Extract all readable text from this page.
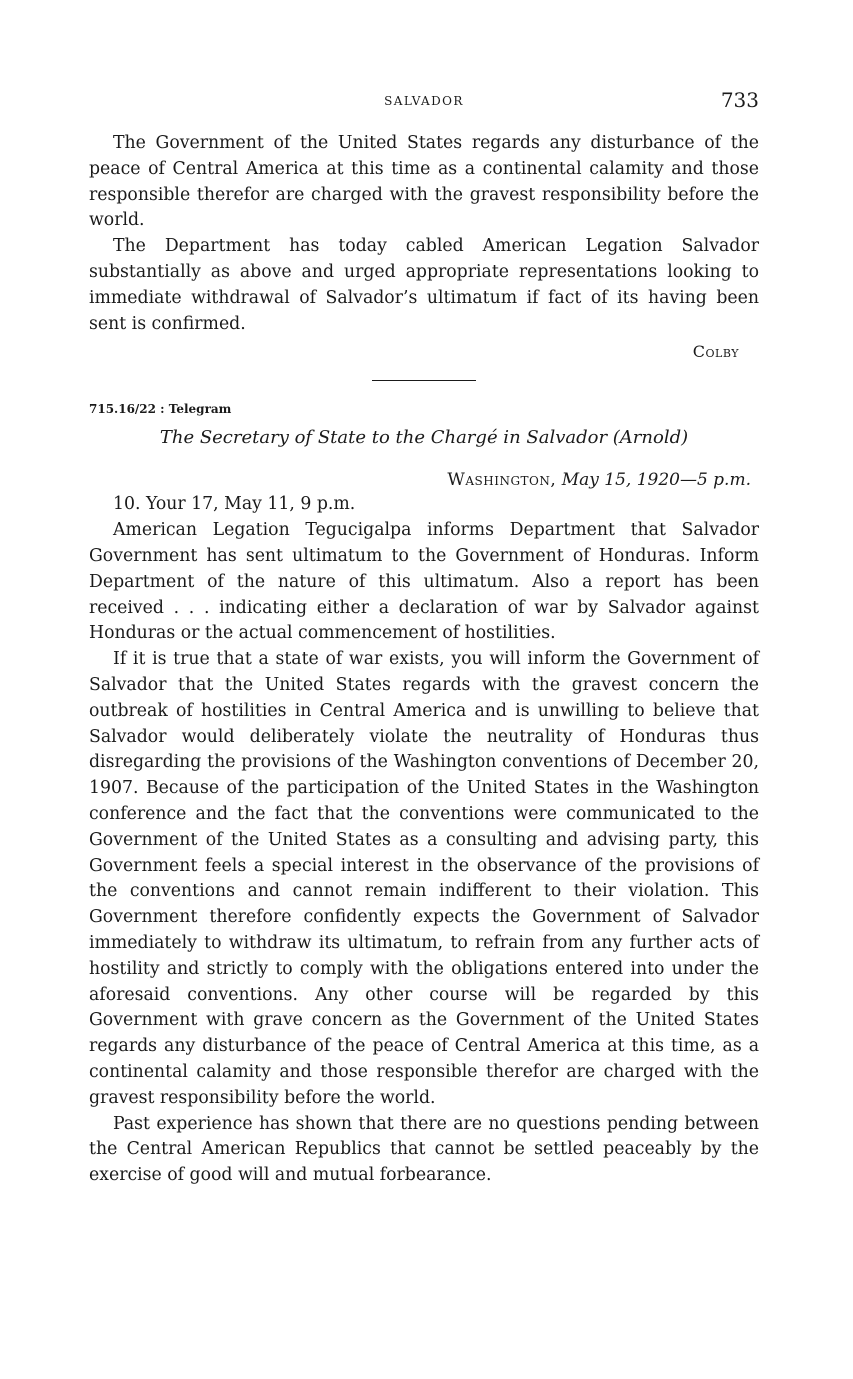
SALVADOR	733

The Government of the United States regards any disturbance of the peace of Central America at this time as a continental calamity and those responsible therefor are charged with the gravest responsibility before the world.

The Department has today cabled American Legation Salvador substantially as above and urged appropriate representations looking to immediate withdrawal of Salvador’s ultimatum if fact of its having been sent is confirmed.

Colby
715.16/22 : Telegram
The Secretary of State to the Chargé in Salvador (Arnold)
Washington, May 15, 1920—5 p.m.

10. Your 17, May 11, 9 p.m.

American Legation Tegucigalpa informs Department that Salvador Government has sent ultimatum to the Government of Honduras. Inform Department of the nature of this ultimatum. Also a report has been received . . . indicating either a declaration of war by Salvador against Honduras or the actual commencement of hostilities.

If it is true that a state of war exists, you will inform the Government of Salvador that the United States regards with the gravest concern the outbreak of hostilities in Central America and is unwilling to believe that Salvador would deliberately violate the neutrality of Honduras thus disregarding the provisions of the Washington conventions of December 20, 1907. Because of the participation of the United States in the Washington conference and the fact that the conventions were communicated to the Government of the United States as a consulting and advising party, this Government feels a special interest in the observance of the provisions of the conventions and cannot remain indifferent to their violation. This Government therefore confidently expects the Government of Salvador immediately to withdraw its ultimatum, to refrain from any further acts of hostility and strictly to comply with the obligations entered into under the aforesaid conventions. Any other course will be regarded by this Government with grave concern as the Government of the United States regards any disturbance of the peace of Central America at this time, as a continental calamity and those responsible therefor are charged with the gravest responsibility before the world.

Past experience has shown that there are no questions pending between the Central American Republics that cannot be settled peaceably by the exercise of good will and mutual forbearance.
